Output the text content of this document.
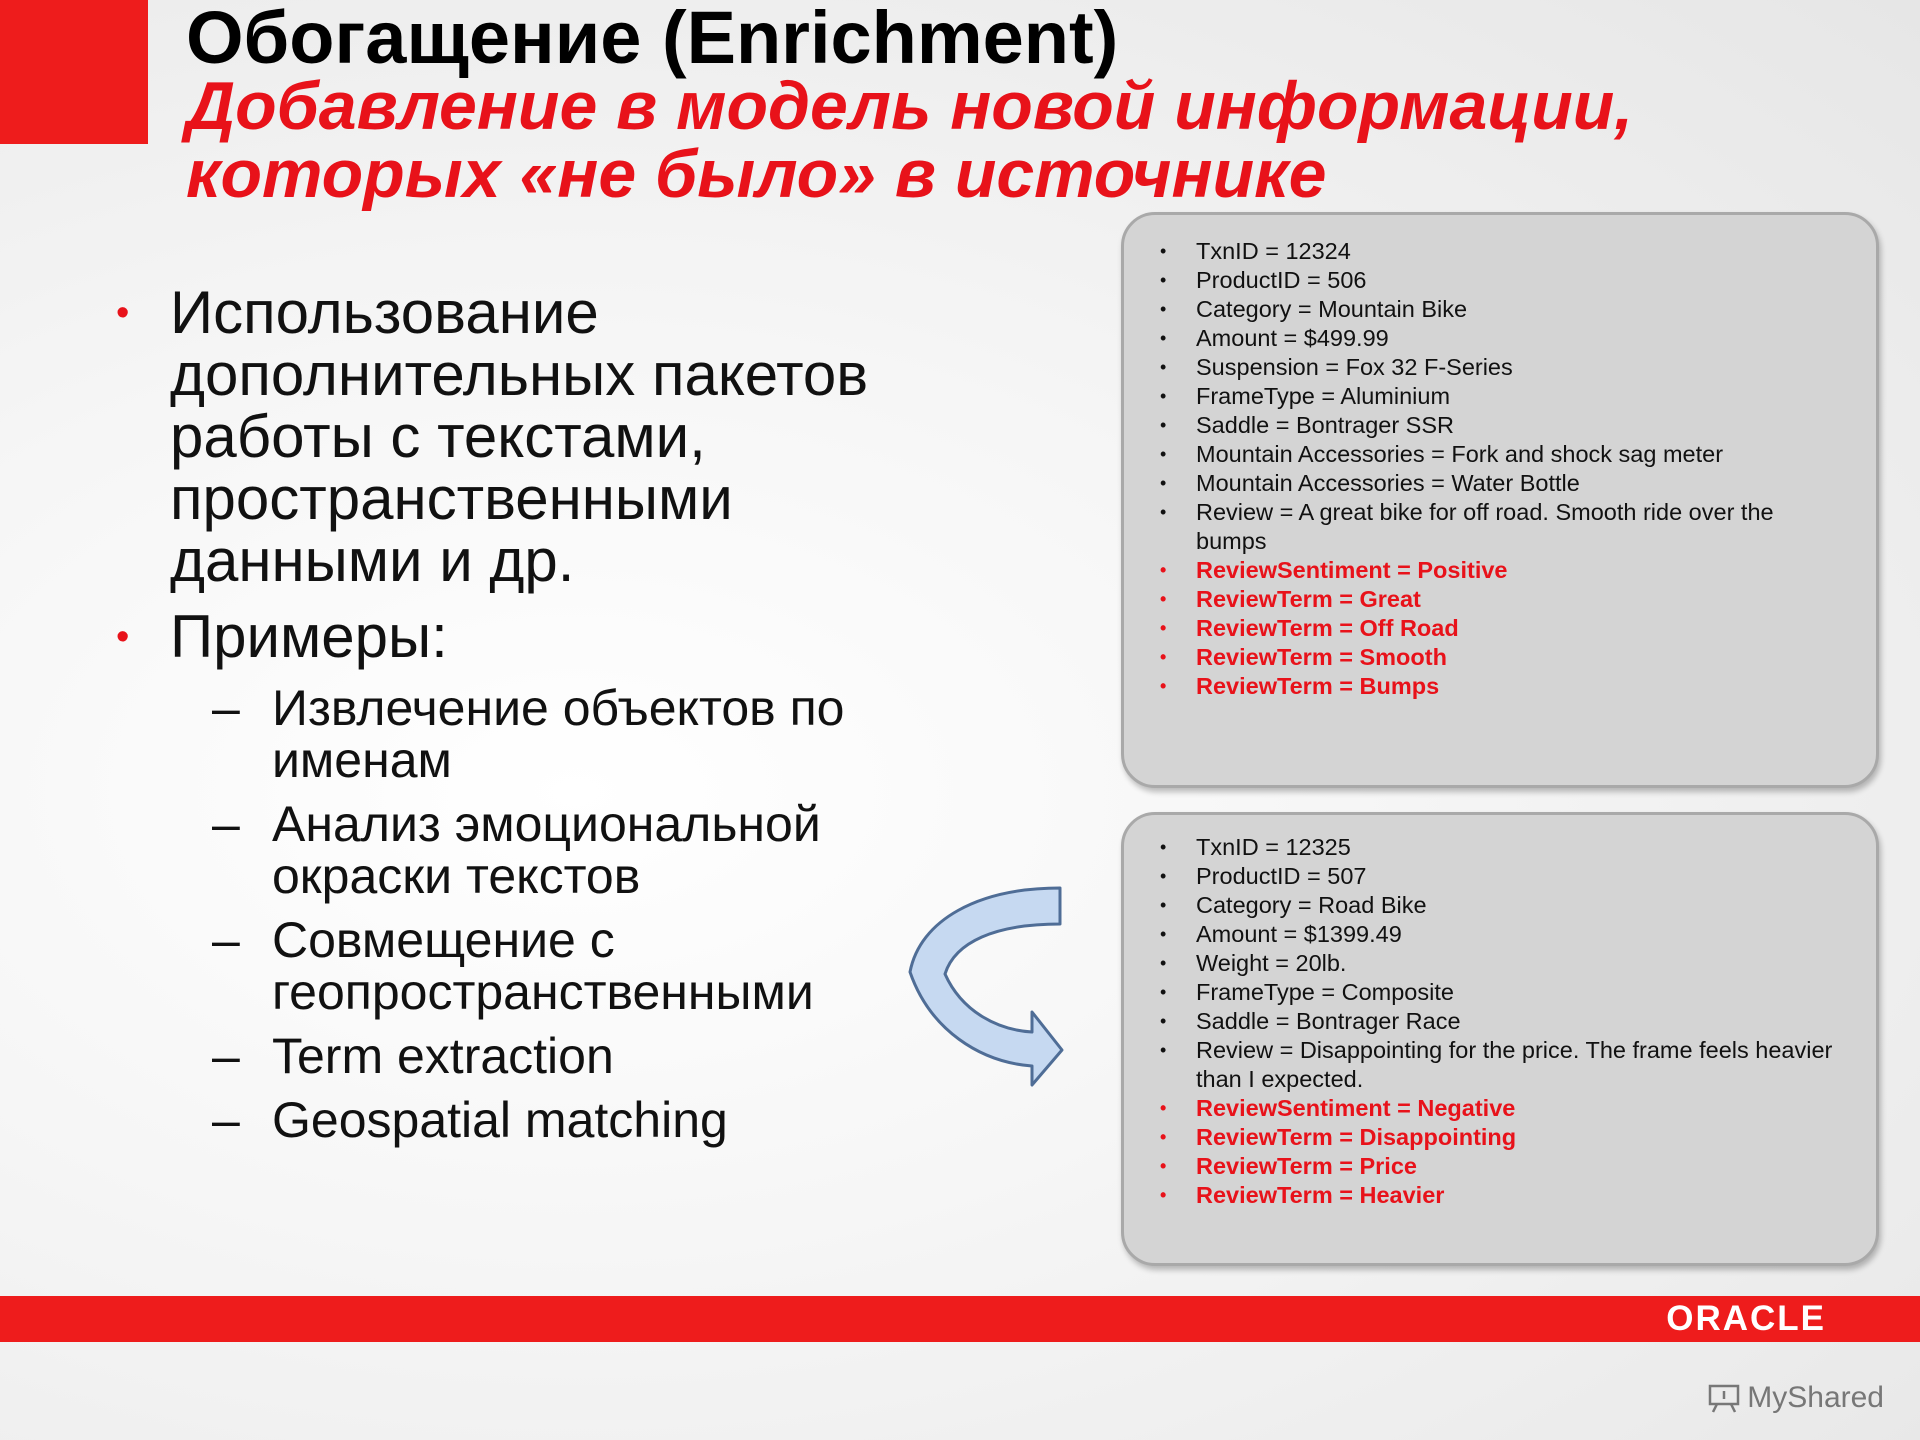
Обогащение (Enrichment)
Добавление в модель новой информации,
которых «не было» в источнике
• Использование дополнительных пакетов работы с текстами, пространственными данными и др.
• Примеры:
– Извлечение объектов по именам
– Анализ эмоциональной окраски текстов
– Совмещение с геопространственными
– Term extraction
– Geospatial matching
• TxnID = 12324
• ProductID = 506
• Category = Mountain Bike
• Amount = $499.99
• Suspension = Fox 32 F-Series
• FrameType = Aluminium
• Saddle = Bontrager SSR
• Mountain Accessories = Fork and shock sag meter
• Mountain Accessories = Water Bottle
• Review = A great bike for off road. Smooth ride over the bumps
• ReviewSentiment = Positive
• ReviewTerm = Great
• ReviewTerm = Off Road
• ReviewTerm = Smooth
• ReviewTerm = Bumps
• TxnID = 12325
• ProductID = 507
• Category = Road Bike
• Amount = $1399.49
• Weight = 20lb.
• FrameType = Composite
• Saddle = Bontrager Race
• Review = Disappointing for the price. The frame feels heavier than I expected.
• ReviewSentiment = Negative
• ReviewTerm = Disappointing
• ReviewTerm = Price
• ReviewTerm = Heavier
ORACLE
MyShared
